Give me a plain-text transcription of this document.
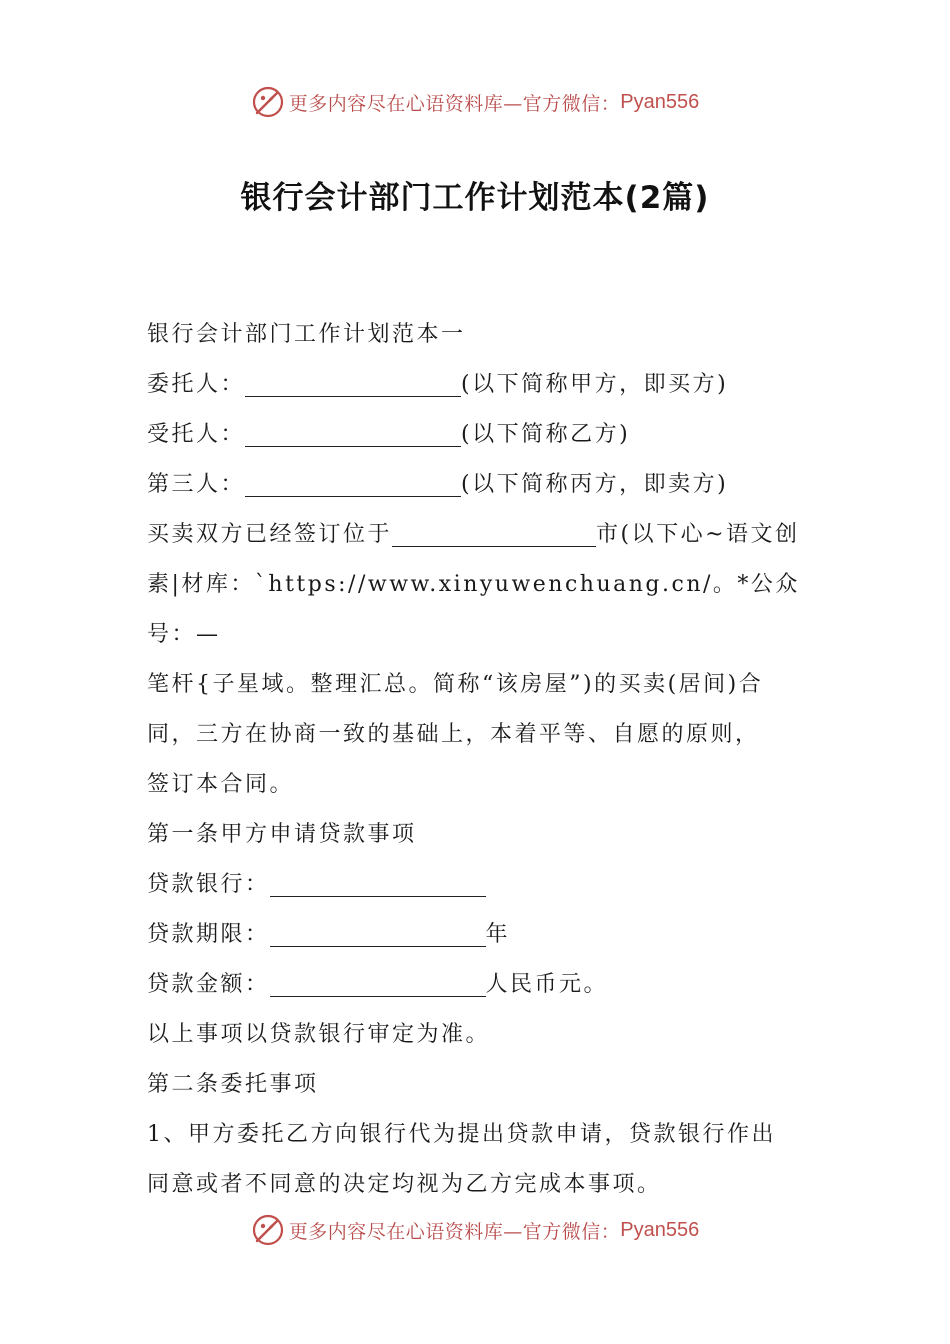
更多内容尽在心语资料库—官方微信： Pyan556
银行会计部门工作计划范本(2篇)

银行会计部门工作计划范本一

委托人：	(以下简称甲方，即买方)

受托人：	(以下简称乙方)

第三人：	(以下简称丙方，即卖方)

买卖双方已经签订位于	市(以下心~语文创

素|材库：`https://www.xinyuwenchuang.cn/。*公众号：—

笔杆{子星域。整理汇总。简称“该房屋”)的买卖(居间)合

同，三方在协商一致的基础上，本着平等、自愿的原则，

签订本合同。

第一条甲方申请贷款事项

贷款银行：

贷款期限：	年

贷款金额：	人民币元。

以上事项以贷款银行审定为准。

第二条委托事项

1、甲方委托乙方向银行代为提出贷款申请，贷款银行作出

同意或者不同意的决定均视为乙方完成本事项。

更多内容尽在心语资料库—官方微信： Pyan556
